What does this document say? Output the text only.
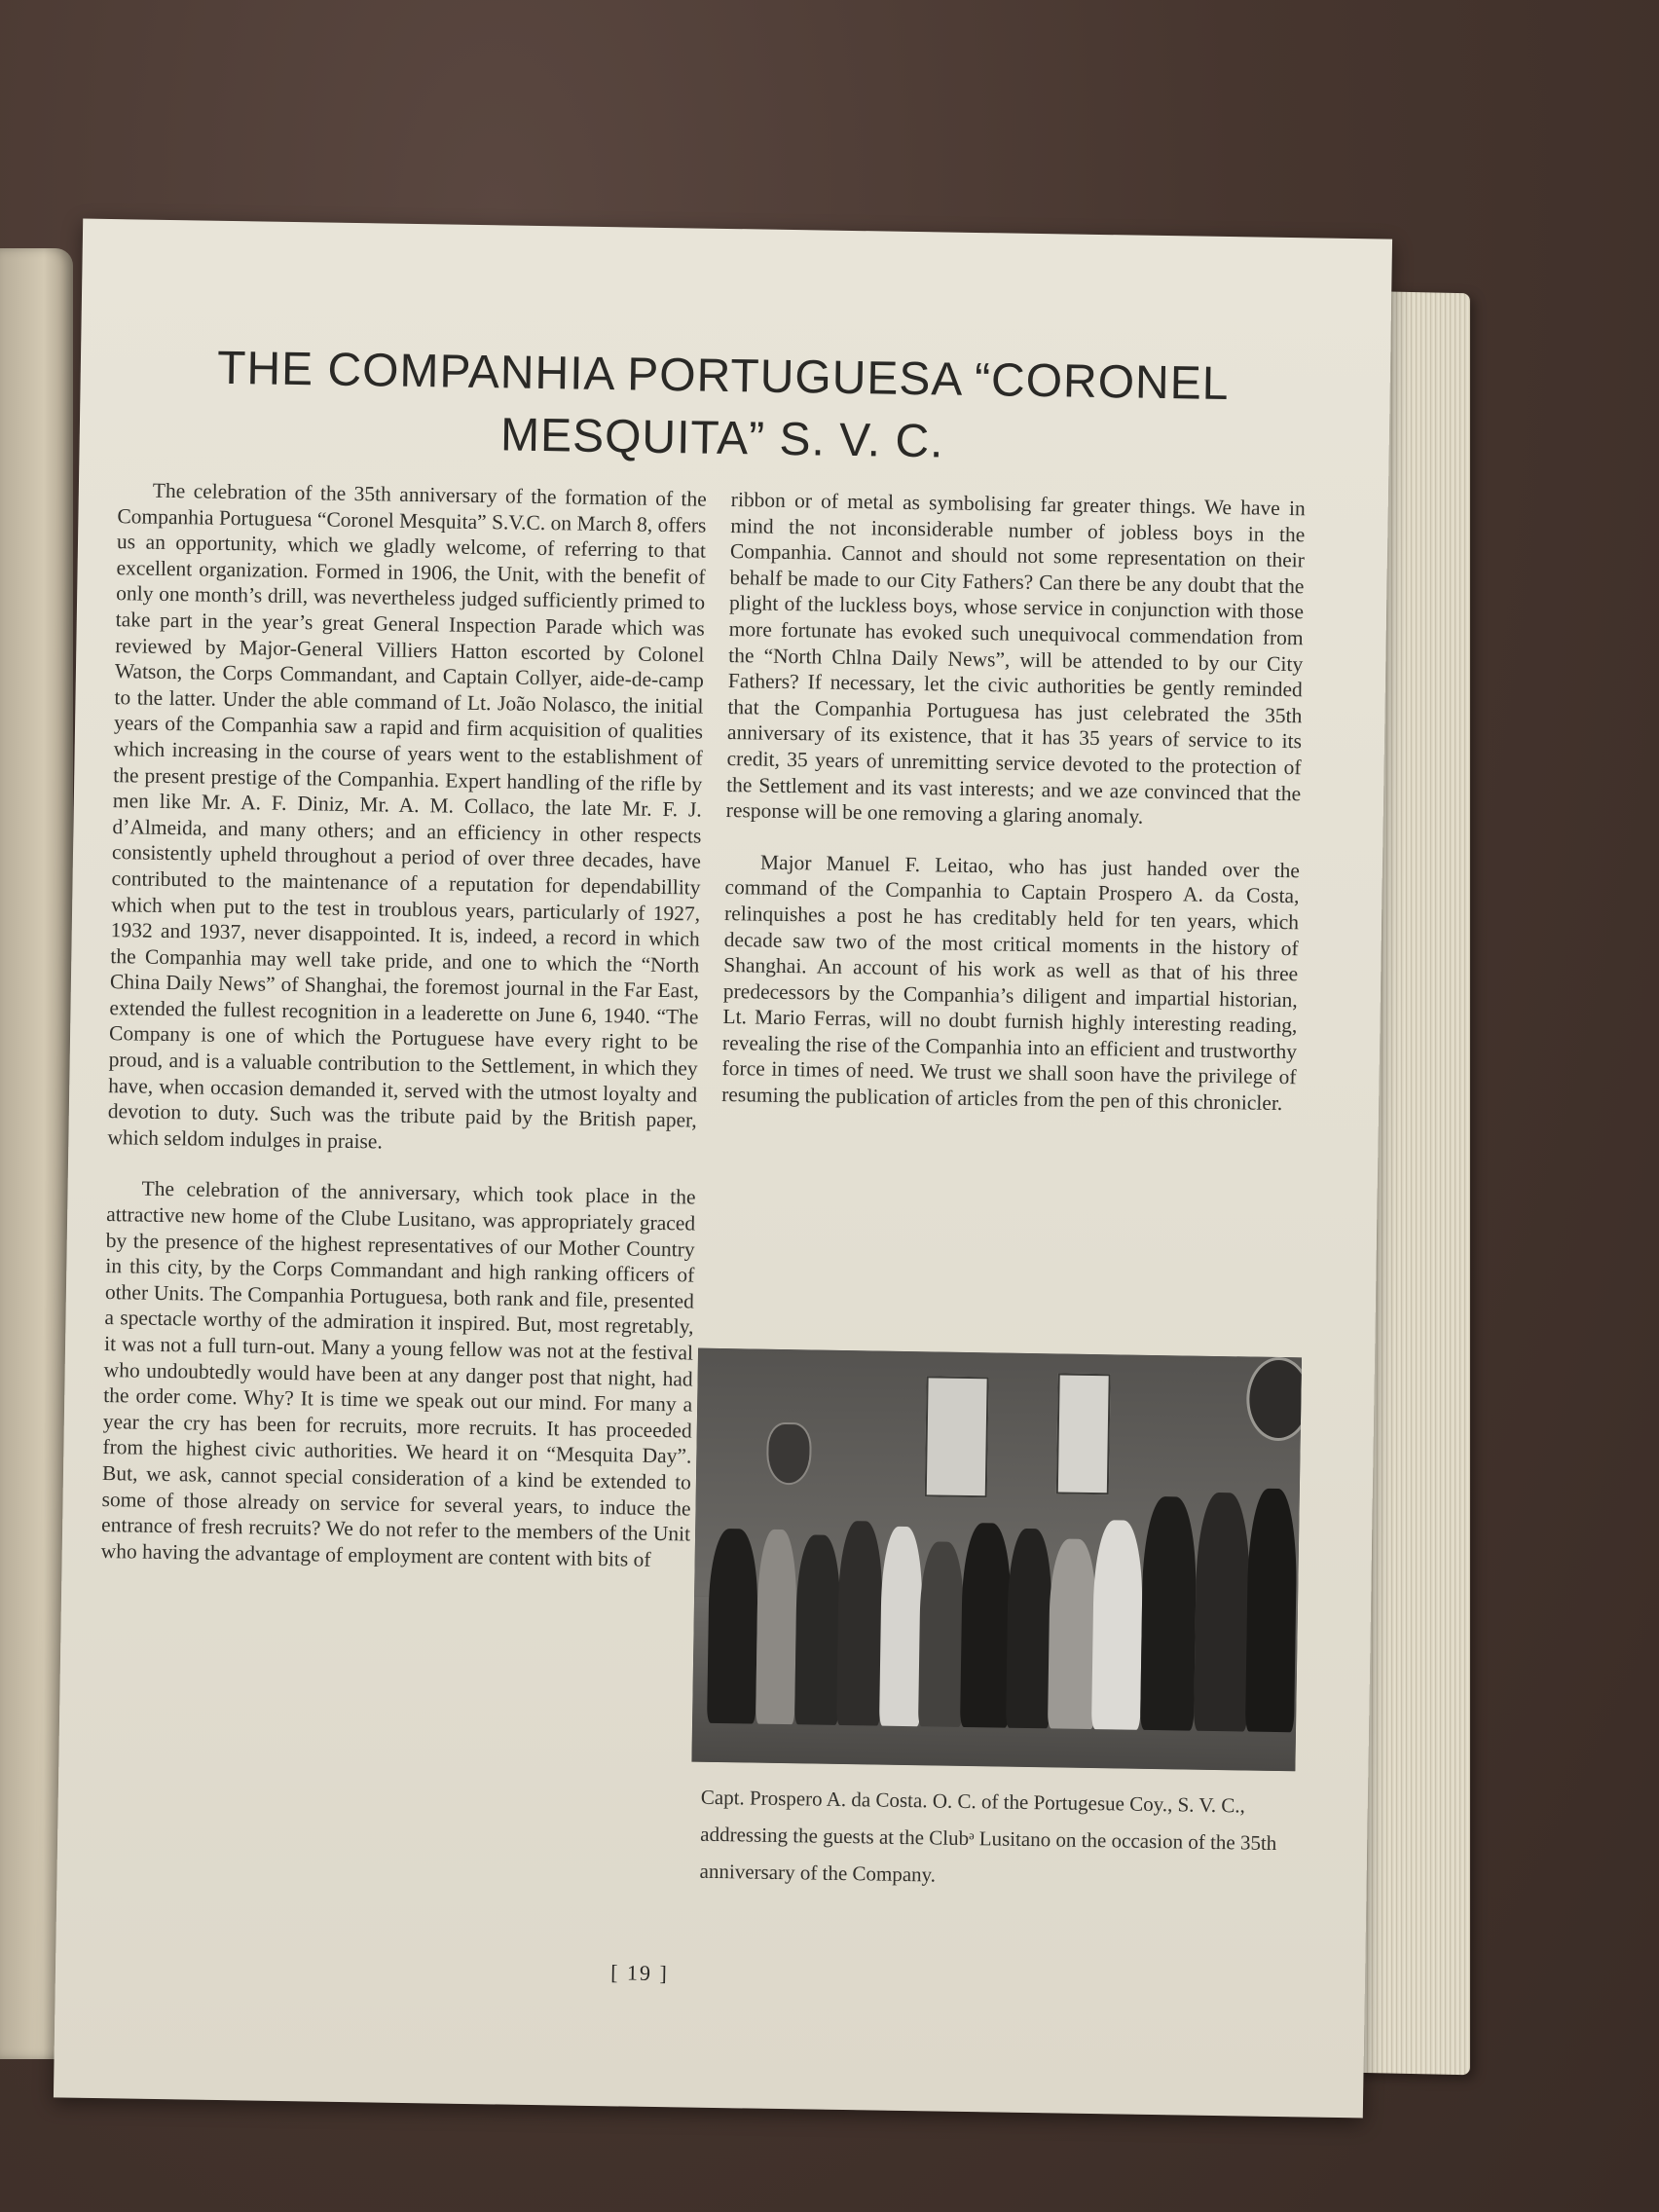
THE COMPANHIA PORTUGUESA “CORONEL MESQUITA” S. V. C.

The celebration of the 35th anniversary of the formation of the Companhia Portuguesa “Coronel Mesquita” S.V.C. on March 8, offers us an opportunity, which we gladly welcome, of referring to that excellent organization. Formed in 1906, the Unit, with the benefit of only one month’s drill, was nevertheless judged sufficiently primed to take part in the year’s great General Inspection Parade which was reviewed by Major-General Villiers Hatton escorted by Colonel Watson, the Corps Commandant, and Captain Collyer, aide-de-camp to the latter. Under the able command of Lt. João Nolasco, the initial years of the Companhia saw a rapid and firm acquisition of qualities which increasing in the course of years went to the establishment of the present prestige of the Companhia. Expert handling of the rifle by men like Mr. A. F. Diniz, Mr. A. M. Collaco, the late Mr. F. J. d’Almeida, and many others; and an efficiency in other respects consistently upheld throughout a period of over three decades, have contributed to the maintenance of a reputation for dependabillity which when put to the test in troublous years, particularly of 1927, 1932 and 1937, never disappointed. It is, indeed, a record in which the Companhia may well take pride, and one to which the “North China Daily News” of Shanghai, the foremost journal in the Far East, extended the fullest recognition in a leaderette on June 6, 1940. “The Company is one of which the Portuguese have every right to be proud, and is a valuable contribution to the Settlement, in which they have, when occasion demanded it, served with the utmost loyalty and devotion to duty. Such was the tribute paid by the British paper, which seldom indulges in praise.

The celebration of the anniversary, which took place in the attractive new home of the Clube Lusitano, was appropriately graced by the presence of the highest representatives of our Mother Country in this city, by the Corps Commandant and high ranking officers of other Units. The Companhia Portuguesa, both rank and file, presented a spectacle worthy of the admiration it inspired. But, most regretably, it was not a full turn-out. Many a young fellow was not at the festival who undoubtedly would have been at any danger post that night, had the order come. Why? It is time we speak out our mind. For many a year the cry has been for recruits, more recruits. It has proceeded from the highest civic authorities. We heard it on “Mesquita Day”. But, we ask, cannot special consideration of a kind be extended to some of those already on service for several years, to induce the entrance of fresh recruits? We do not refer to the members of the Unit who having the advantage of employment are content with bits of

ribbon or of metal as symbolising far greater things. We have in mind the not inconsiderable number of jobless boys in the Companhia. Cannot and should not some representation on their behalf be made to our City Fathers? Can there be any doubt that the plight of the luckless boys, whose service in conjunction with those more fortunate has evoked such unequivocal commendation from the “North Chlna Daily News”, will be attended to by our City Fathers? If necessary, let the civic authorities be gently reminded that the Companhia Portuguesa has just celebrated the 35th anniversary of its existence, that it has 35 years of service to its credit, 35 years of unremitting service devoted to the protection of the Settlement and its vast interests; and we aze convinced that the response will be one removing a glaring anomaly.

Major Manuel F. Leitao, who has just handed over the command of the Companhia to Captain Prospero A. da Costa, relinquishes a post he has creditably held for ten years, which decade saw two of the most critical moments in the history of Shanghai. An account of his work as well as that of his three predecessors by the Companhia’s diligent and impartial historian, Lt. Mario Ferras, will no doubt furnish highly interesting reading, revealing the rise of the Companhia into an efficient and trustworthy force in times of need. We trust we shall soon have the privilege of resuming the publication of articles from the pen of this chronicler.

Capt. Prospero A. da Costa. O. C. of the Portugesue Coy., S. V. C., addressing the guests at the Clubᵊ Lusitano on the occasion of the 35th anniversary of the Company.

[ 19 ]
